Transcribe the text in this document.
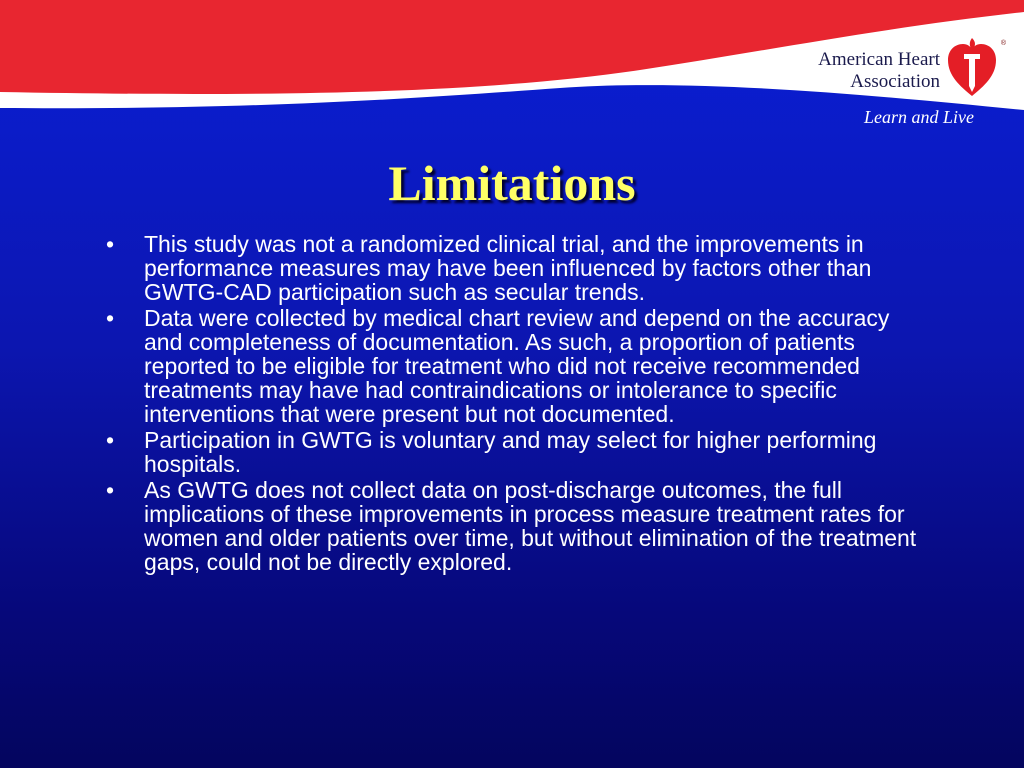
American Heart
Association
®
Learn and Live
Limitations
• This study was not a randomized clinical trial, and the improvements in performance measures may have been influenced by factors other than GWTG-CAD participation such as secular trends.
• Data were collected by medical chart review and depend on the accuracy and completeness of documentation. As such, a proportion of patients reported to be eligible for treatment who did not receive recommended treatments may have had contraindications or intolerance to specific interventions that were present but not documented.
• Participation in GWTG is voluntary and may select for higher performing hospitals.
• As GWTG does not collect data on post-discharge outcomes, the full implications of these improvements in process measure treatment rates for women and older patients over time, but without elimination of the treatment gaps, could not be directly explored.
